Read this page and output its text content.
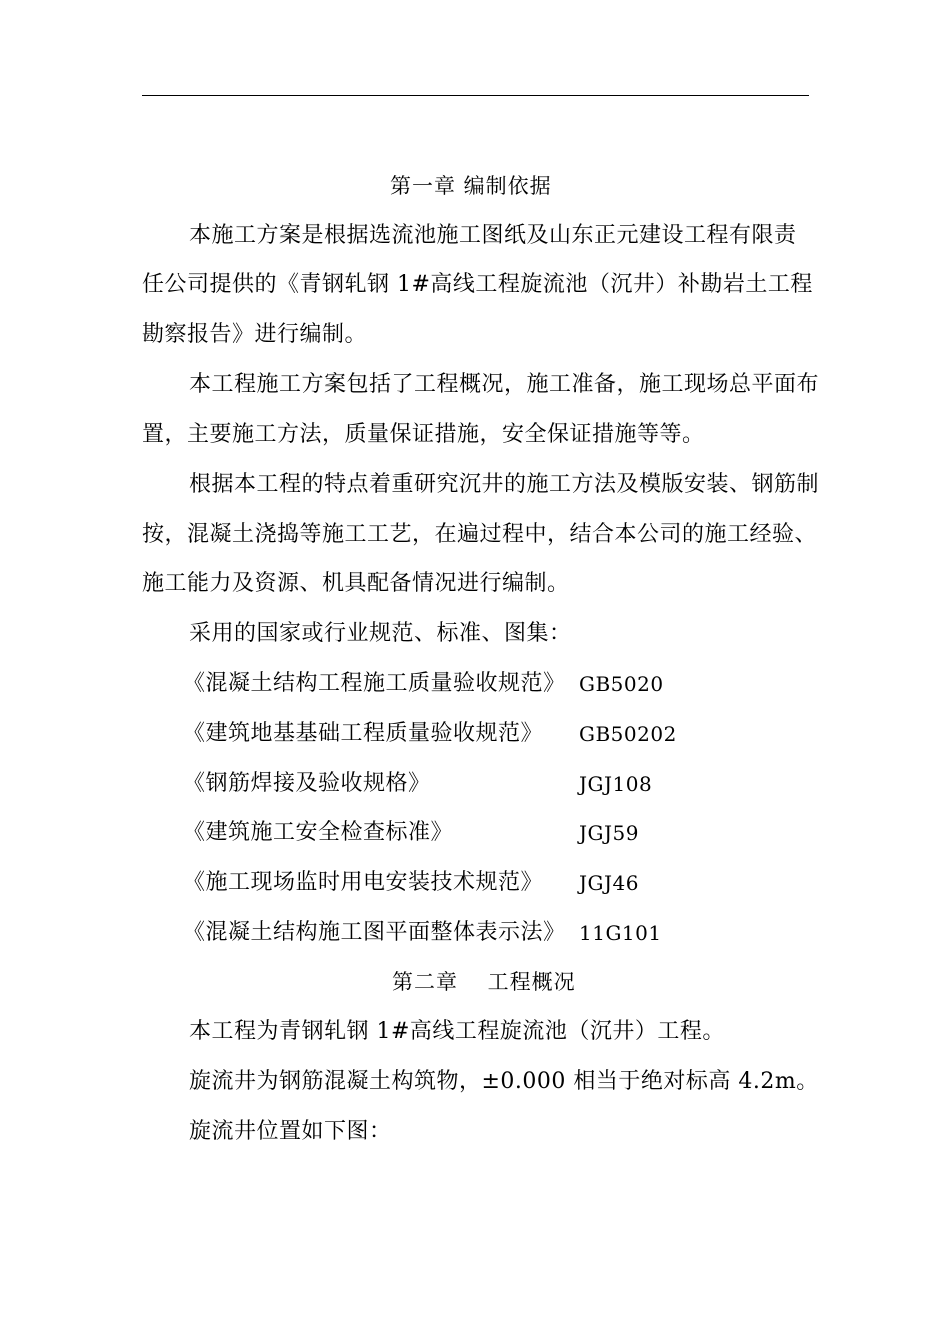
第一章 编制依据
本施工方案是根据选流池施工图纸及山东正元建设工程有限责
任公司提供的《青钢轧钢 1#高线工程旋流池（沉井）补勘岩土工程
勘察报告》进行编制。
本工程施工方案包括了工程概况，施工准备，施工现场总平面布
置，主要施工方法，质量保证措施，安全保证措施等等。
根据本工程的特点着重研究沉井的施工方法及模版安装、钢筋制
按，混凝土浇捣等施工工艺，在遍过程中，结合本公司的施工经验、
施工能力及资源、机具配备情况进行编制。
采用的国家或行业规范、标准、图集：
《混凝土结构工程施工质量验收规范》 GB5020
《建筑地基基础工程质量验收规范》 GB50202
《钢筋焊接及验收规格》	JGJ108
《建筑施工安全检查标准》	JGJ59
《施工现场监时用电安装技术规范》 JGJ46
《混凝土结构施工图平面整体表示法》 11G101
第二章　 工程概况
本工程为青钢轧钢 1#高线工程旋流池（沉井）工程。
旋流井为钢筋混凝土构筑物，±0.000 相当于绝对标高 4.2m。
旋流井位置如下图：
